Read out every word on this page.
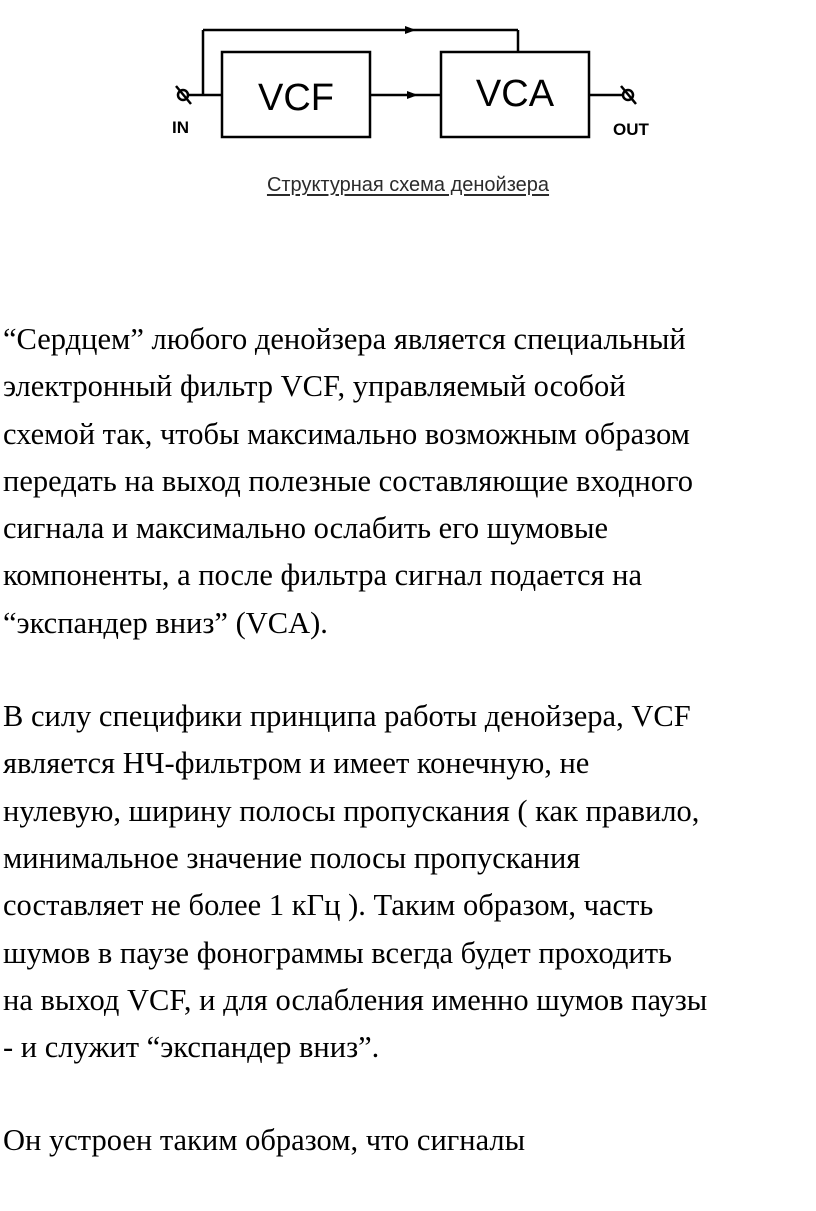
VCF	VCA
IN	OUT
Структурная схема денойзера

“Сердцем” любого денойзера является специальный
электронный фильтр VCF, управляемый особой
схемой так, чтобы максимально возможным образом
передать на выход полезные составляющие входного
сигнала и максимально ослабить его шумовые
компоненты, а после фильтра сигнал подается на
“экспандер вниз” (VCA).

В силу специфики принципа работы денойзера, VCF
является НЧ-фильтром и имеет конечную, не
нулевую, ширину полосы пропускания ( как правило,
минимальное значение полосы пропускания
составляет не более 1 кГц ). Таким образом, часть
шумов в паузе фонограммы всегда будет проходить
на выход VCF, и для ослабления именно шумов паузы
- и служит “экспандер вниз”.

Он устроен таким образом, что сигналы
